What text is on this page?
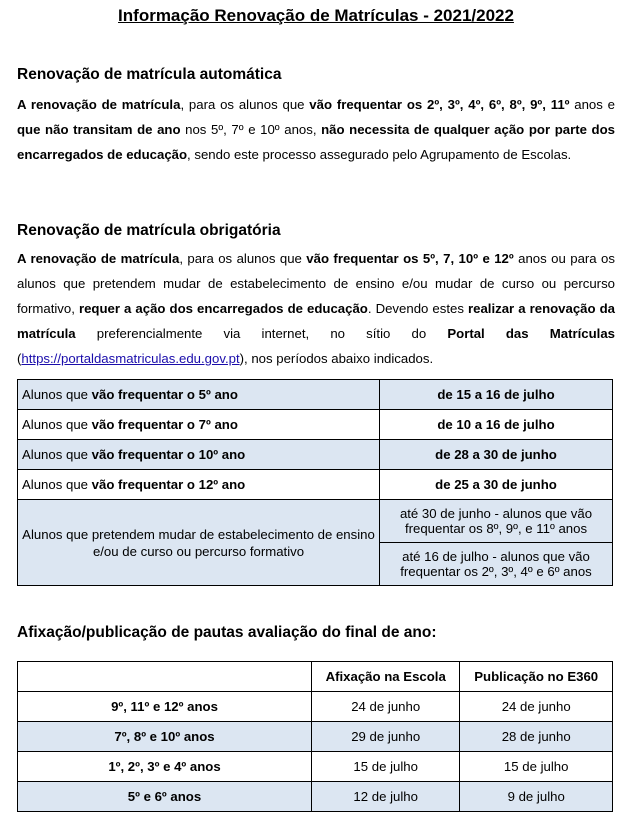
Informação Renovação de Matrículas - 2021/2022
Renovação de matrícula automática
A renovação de matrícula, para os alunos que vão frequentar os 2º, 3º, 4º, 6º, 8º, 9º, 11º anos e que não transitam de ano nos 5º, 7º e 10º anos, não necessita de qualquer ação por parte dos encarregados de educação, sendo este processo assegurado pelo Agrupamento de Escolas.
Renovação de matrícula obrigatória
A renovação de matrícula, para os alunos que vão frequentar os 5º, 7, 10º e 12º anos ou para os alunos que pretendem mudar de estabelecimento de ensino e/ou mudar de curso ou percurso formativo, requer a ação dos encarregados de educação. Devendo estes realizar a renovação da matrícula preferencialmente via internet, no sítio do Portal das Matrículas (https://portaldasmatriculas.edu.gov.pt), nos períodos abaixo indicados.
Alunos que vão frequentar o 5º ano	de 15 a 16 de julho
Alunos que vão frequentar o 7º ano	de 10 a 16 de julho
Alunos que vão frequentar o 10º ano	de 28 a 30 de junho
Alunos que vão frequentar o 12º ano	de 25 a 30 de junho
Alunos que pretendem mudar de estabelecimento de ensino e/ou de curso ou percurso formativo	até 30 de junho - alunos que vão frequentar os 8º, 9º, e 11º anos
	até 16 de julho - alunos que vão frequentar os 2º, 3º, 4º e 6º anos
Afixação/publicação de pautas avaliação do final de ano:
	Afixação na Escola	Publicação no E360
9º, 11º e 12º anos	24 de junho	24 de junho
7º, 8º e 10º anos	29 de junho	28 de junho
1º, 2º, 3º e 4º anos	15 de julho	15 de julho
5º e 6º anos	12 de julho	9 de julho
